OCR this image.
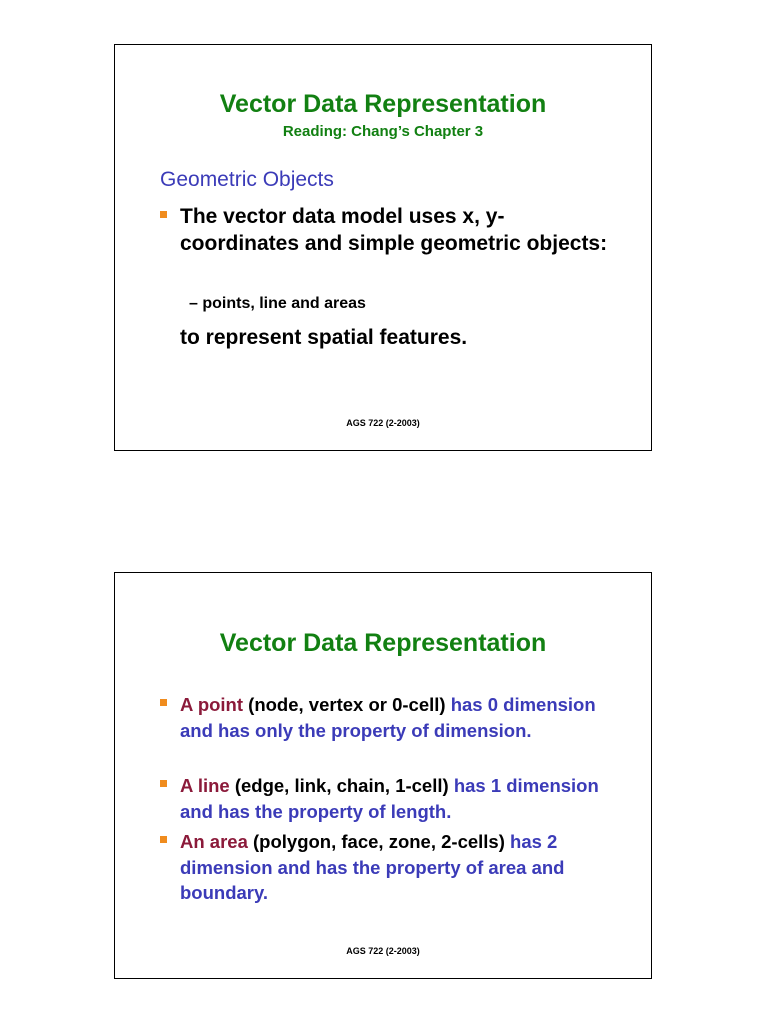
Vector Data Representation
Reading: Chang’s Chapter 3
Geometric Objects
The vector data model uses x, y-coordinates and simple geometric objects:
– points, line and areas
to represent spatial features.
AGS 722 (2-2003)
Vector Data Representation
A point (node, vertex or 0-cell) has 0 dimension and has only the property of dimension.
A line (edge, link, chain, 1-cell) has 1 dimension and has the property of length.
An area (polygon, face, zone, 2-cells) has 2 dimension and has the property of area and boundary.
AGS 722 (2-2003)
